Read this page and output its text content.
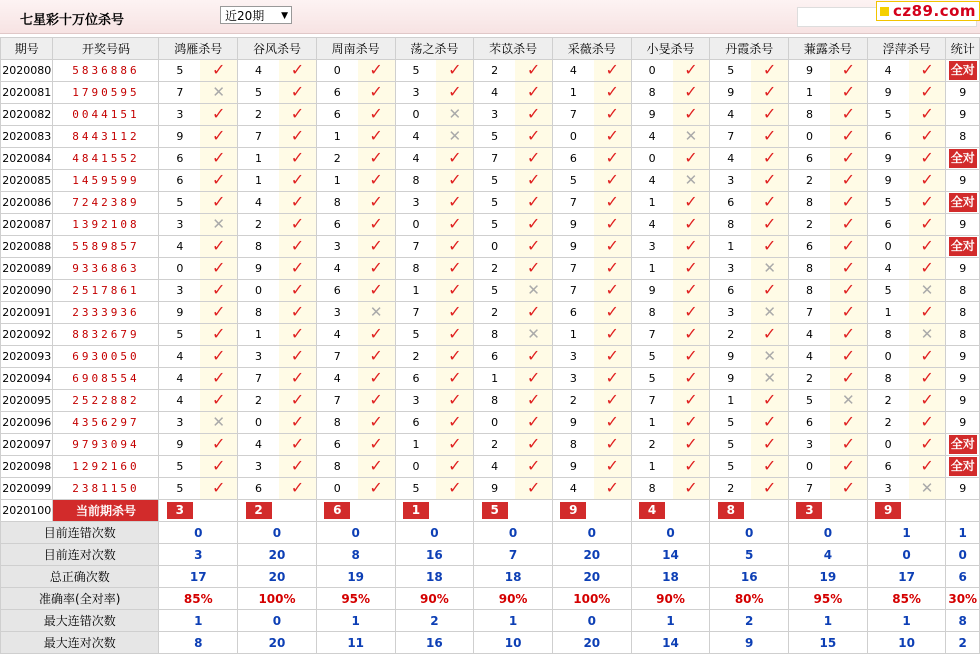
七星彩十万位杀号	近20期 ▼	cz89.com
期号	开奖号码	鸿雁杀号		谷风杀号		周南杀号		荡之杀号		芣苡杀号		采薇杀号		小旻杀号		丹霞杀号		蒹露杀号		浮萍杀号		统计
2020080	5836886	5	✓	4	✓	0	✓	5	✓	2	✓	4	✓	0	✓	5	✓	9	✓	4	✓	全对
2020081	1790595	7	✕	5	✓	6	✓	3	✓	4	✓	1	✓	8	✓	9	✓	1	✓	9	✓	9
2020082	0044151	3	✓	2	✓	6	✓	0	✕	3	✓	7	✓	9	✓	4	✓	8	✓	5	✓	9
2020083	8443112	9	✓	7	✓	1	✓	4	✕	5	✓	0	✓	4	✕	7	✓	0	✓	6	✓	8
2020084	4841552	6	✓	1	✓	2	✓	4	✓	7	✓	6	✓	0	✓	4	✓	6	✓	9	✓	全对
2020085	1459599	6	✓	1	✓	1	✓	8	✓	5	✓	5	✓	4	✕	3	✓	2	✓	9	✓	9
2020086	7242389	5	✓	4	✓	8	✓	3	✓	5	✓	7	✓	1	✓	6	✓	8	✓	5	✓	全对
2020087	1392108	3	✕	2	✓	6	✓	0	✓	5	✓	9	✓	4	✓	8	✓	2	✓	6	✓	9
2020088	5589857	4	✓	8	✓	3	✓	7	✓	0	✓	9	✓	3	✓	1	✓	6	✓	0	✓	全对
2020089	9336863	0	✓	9	✓	4	✓	8	✓	2	✓	7	✓	1	✓	3	✕	8	✓	4	✓	9
2020090	2517861	3	✓	0	✓	6	✓	1	✓	5	✕	7	✓	9	✓	6	✓	8	✓	5	✕	8
2020091	2333936	9	✓	8	✓	3	✕	7	✓	2	✓	6	✓	8	✓	3	✕	7	✓	1	✓	8
2020092	8832679	5	✓	1	✓	4	✓	5	✓	8	✕	1	✓	7	✓	2	✓	4	✓	8	✕	8
2020093	6930050	4	✓	3	✓	7	✓	2	✓	6	✓	3	✓	5	✓	9	✕	4	✓	0	✓	9
2020094	6908554	4	✓	7	✓	4	✓	6	✓	1	✓	3	✓	5	✓	9	✕	2	✓	8	✓	9
2020095	2522882	4	✓	2	✓	7	✓	3	✓	8	✓	2	✓	7	✓	1	✓	5	✕	2	✓	9
2020096	4356297	3	✕	0	✓	8	✓	6	✓	0	✓	9	✓	1	✓	5	✓	6	✓	2	✓	9
2020097	9793094	9	✓	4	✓	6	✓	1	✓	2	✓	8	✓	2	✓	5	✓	3	✓	0	✓	全对
2020098	1292160	5	✓	3	✓	8	✓	0	✓	4	✓	9	✓	1	✓	5	✓	0	✓	6	✓	全对
2020099	2381150	5	✓	6	✓	0	✓	5	✓	9	✓	4	✓	8	✓	2	✓	7	✓	3	✕	9
2020100	当前期杀号	3		2		6		1		5		9		4		8		3		9		
目前连错次数		0		0		0		0		0		0		0		0		0		1		1
目前连对次数		3		20		8		16		7		20		14		5		4		0		0
总正确次数		17		20		19		18		18		20		18		16		19		17		6
准确率(全对率)		85%		100%		95%		90%		90%		100%		90%		80%		95%		85%		30%
最大连错次数		1		0		1		2		1		0		1		2		1		1		8
最大连对次数		8		20		11		16		10		20		14		9		15		10		2
